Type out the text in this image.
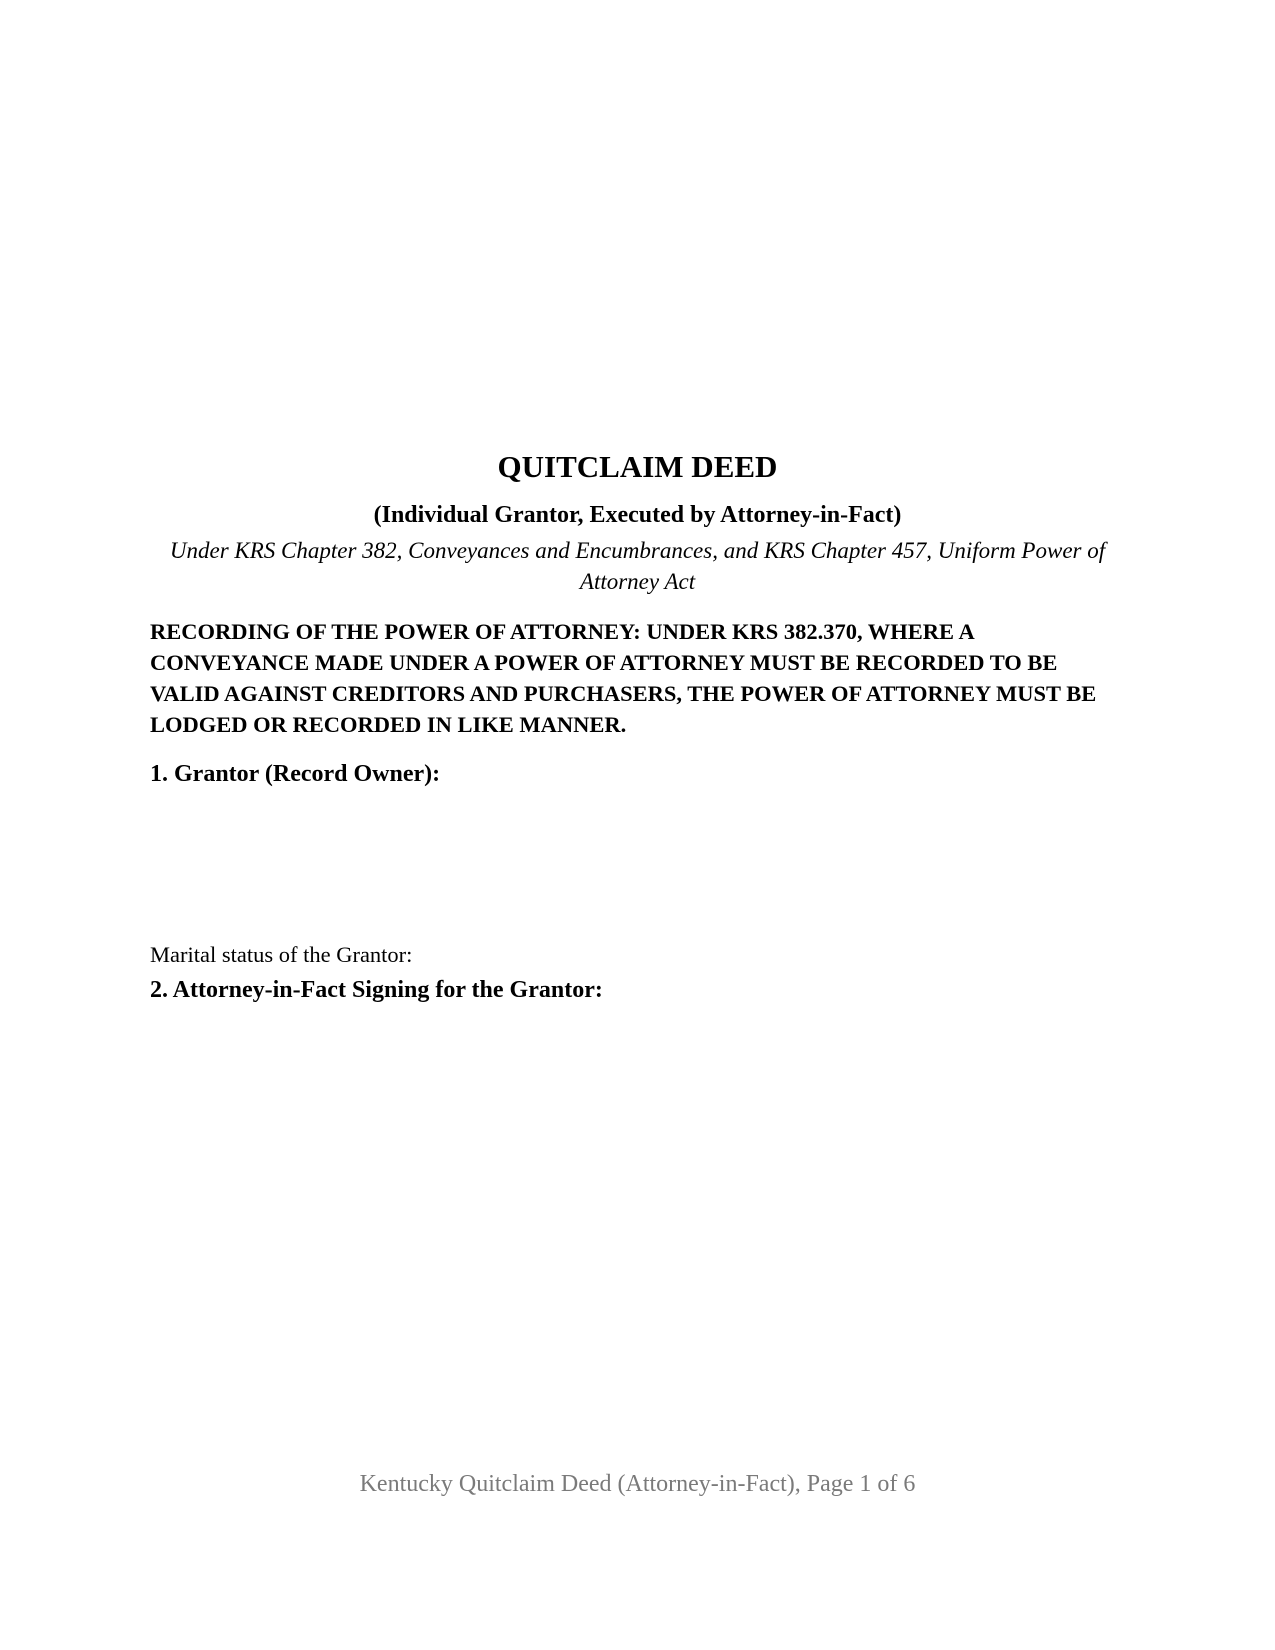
QUITCLAIM DEED
(Individual Grantor, Executed by Attorney-in-Fact)
Under KRS Chapter 382, Conveyances and Encumbrances, and KRS Chapter 457, Uniform Power of Attorney Act
RECORDING OF THE POWER OF ATTORNEY: UNDER KRS 382.370, WHERE A CONVEYANCE MADE UNDER A POWER OF ATTORNEY MUST BE RECORDED TO BE VALID AGAINST CREDITORS AND PURCHASERS, THE POWER OF ATTORNEY MUST BE LODGED OR RECORDED IN LIKE MANNER.
1. Grantor (Record Owner):
Marital status of the Grantor:
2. Attorney-in-Fact Signing for the Grantor:
Kentucky Quitclaim Deed (Attorney-in-Fact), Page 1 of 6
